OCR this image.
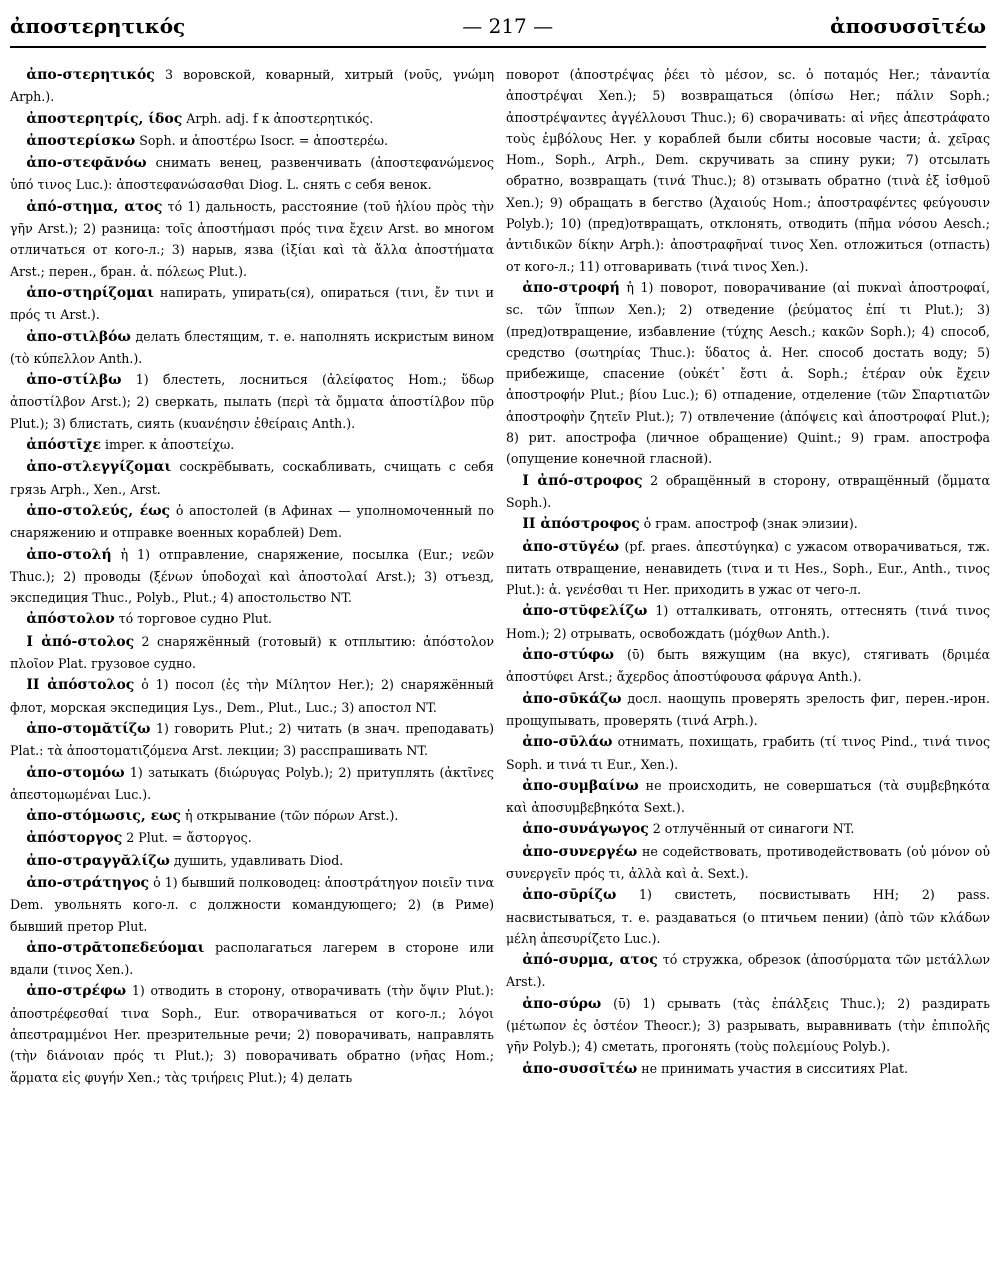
ἀποστερητικός	— 217 —	ἀποσυσσῑτέω

ἀπο-στερητικός 3 воровской, коварный, хитрый (νοῦς, γνώμη Arph.).

ἀποστερητρίς, ίδος Arph. adj. f к ἀποστερητικός.

ἀποστερίσκω Soph. и ἀποστέρω Isocr. = ἀποστερέω.

ἀπο-στεφᾰνόω снимать венец, развенчивать (ἀποστεφανώμενος ὑπό τινος Luc.): ἀποστεφανώσασθαι Diog. L. снять с себя венок.

ἀπό-στημα, ατος τό 1) дальность, расстояние (τοῦ ἡλίου πρὸς τὴν γῆν Arst.); 2) разница: τοῖς ἀποστήμασι πρός τινα ἔχειν Arst. во многом отличаться от кого-л.; 3) нарыв, язва (ἰξίαι καὶ τὰ ἄλλα ἀποστήματα Arst.; перен., бран. ἀ. πόλεως Plut.).

ἀπο-στηρίζομαι напирать, упирать(ся), опираться (τινι, ἔν τινι и πρός τι Arst.).

ἀπο-στιλβόω делать блестящим, т. е. наполнять искристым вином (τὸ κύπελλον Anth.).

ἀπο-στίλβω 1) блестеть, лосниться (ἀλείφατος Hom.; ὕδωρ ἀποστίλβον Arst.); 2) сверкать, пылать (περὶ τὰ ὄμματα ἀποστίλβον πῦρ Plut.); 3) блистать, сиять (κυανέησιν ἐθείραις Anth.).

ἀπόστῑχε imper. к ἀποστείχω.

ἀπο-στλεγγίζομαι соскрёбывать, соскабливать, счищать с себя грязь Arph., Xen., Arst.

ἀπο-στολεύς, έως ὁ апостолей (в Афинах — уполномоченный по снаряжению и отправке военных кораблей) Dem.

ἀπο-στολή ἡ 1) отправление, снаряжение, посылка (Eur.; νεῶν Thuc.); 2) проводы (ξένων ὑποδοχαὶ καὶ ἀποστολαί Arst.); 3) отъезд, экспедиция Thuc., Polyb., Plut.; 4) апостольство NT.

ἀπόστολον τό торговое судно Plut.

I ἀπό-στολος 2 снаряжённый (готовый) к отплытию: ἀπόστολον πλοῖον Plat. грузовое судно.

II ἀπόστολος ὁ 1) посол (ἐς τὴν Μίλητον Her.); 2) снаряжённый флот, морская экспедиция Lys., Dem., Plut., Luc.; 3) апостол NT.

ἀπο-στομᾰτίζω 1) говорить Plut.; 2) читать (в знач. преподавать) Plat.: τὰ ἀποστοματιζόμενα Arst. лекции; 3) расспрашивать NT.

ἀπο-στομόω 1) затыкать (διώρυγας Polyb.); 2) притуплять (ἀκτῖνες ἀπεστομωμέναι Luc.).

ἀπο-στόμωσις, εως ἡ открывание (τῶν πόρων Arst.).

ἀπόστοργος 2 Plut. = ἄστοργος.

ἀπο-στραγγᾰλίζω душить, удавливать Diod.

ἀπο-στράτηγος ὁ 1) бывший полководец: ἀποστράτηγον ποιεῖν τινα Dem. увольнять кого-л. с должности командующего; 2) (в Риме) бывший претор Plut.

ἀπο-στρᾰτοπεδεύομαι располагаться лагерем в стороне или вдали (τινος Xen.).

ἀπο-στρέφω 1) отводить в сторону, отворачивать (τὴν ὄψιν Plut.): ἀποστρέφεσθαί τινα Soph., Eur. отворачиваться от кого-л.; λόγοι ἀπεστραμμένοι Her. презрительные речи; 2) поворачивать, направлять (τὴν διάνοιαν πρός τι Plut.); 3) поворачивать обратно (νῆας Hom.; ἅρματα εἰς φυγήν Xen.; τὰς τριήρεις Plut.); 4) делать

поворот (ἀποστρέψας ῥέει τὸ μέσον, sc. ὁ ποταμός Her.; τἀναντία ἀποστρέψαι Xen.); 5) возвращаться (ὀπίσω Her.; πάλιν Soph.; ἀποστρέψαντες ἀγγέλλουσι Thuc.); 6) сворачивать: αἱ νῆες ἀπεστράφατο τοὺς ἐμβόλους Her. у кораблей были сбиты носовые части; ἀ. χεῖρας Hom., Soph., Arph., Dem. скручивать за спину руки; 7) отсылать обратно, возвращать (τινά Thuc.); 8) отзывать обратно (τινὰ ἐξ ἰσθμοῦ Xen.); 9) обращать в бегство (Ἀχαιούς Hom.; ἀποστραφέντες φεύγουσιν Polyb.); 10) (пред)отвращать, отклонять, отводить (πῆμα νόσου Aesch.; ἀντιδικῶν δίκην Arph.): ἀποστραφῆναί τινος Xen. отложиться (отпасть) от кого-л.; 11) отговаривать (τινά τινος Xen.).

ἀπο-στροφή ἡ 1) поворот, поворачивание (αἱ πυκναὶ ἀποστροφαί, sc. τῶν ἵππων Xen.); 2) отведение (ῥεύματος ἐπί τι Plut.); 3) (пред)отвращение, избавление (τύχης Aesch.; κακῶν Soph.); 4) способ, средство (σωτηρίας Thuc.): ὕδατος ἀ. Her. способ достать воду; 5) прибежище, спасение (οὐκέτ᾽ ἔστι ἀ. Soph.; ἑτέραν οὐκ ἔχειν ἀποστροφήν Plut.; βίου Luc.); 6) отпадение, отделение (τῶν Σπαρτιατῶν ἀποστροφὴν ζητεῖν Plut.); 7) отвлечение (ἀπόψεις καὶ ἀποστροφαί Plut.); 8) рит. апострофа (личное обращение) Quint.; 9) грам. апострофа (опущение конечной гласной).

I ἀπό-στροφος 2 обращённый в сторону, отвращённый (ὄμματα Soph.).

II ἀπόστροφος ὁ грам. апостроф (знак элизии).

ἀπο-στῠγέω (pf. praes. ἀπεστύγηκα) с ужасом отворачиваться, тж. питать отвращение, ненавидеть (τινα и τι Hes., Soph., Eur., Anth., τινος Plut.): ἀ. γενέσθαι τι Her. приходить в ужас от чего-л.

ἀπο-στῠφελίζω 1) отталкивать, отгонять, оттеснять (τινά τινος Hom.); 2) отрывать, освобождать (μόχθων Anth.).

ἀπο-στύφω (ῡ) быть вяжущим (на вкус), стягивать (δριμέα ἀποστύφει Arst.; ἄχερδος ἀποστύφουσα φάρυγα Anth.).

ἀπο-σῡκάζω досл. наощупь проверять зрелость фиг, перен.-ирон. прощупывать, проверять (τινά Arph.).

ἀπο-σῡλάω отнимать, похищать, грабить (τί τινος Pind., τινά τινος Soph. и τινά τι Eur., Xen.).

ἀπο-συμβαίνω не происходить, не совершаться (τὰ συμβεβηκότα καὶ ἀποσυμβεβηκότα Sext.).

ἀπο-συνάγωγος 2 отлучённый от синагоги NT.

ἀπο-συνεργέω не содействовать, противодействовать (οὐ μόνον οὐ συνεργεῖν πρός τι, ἀλλὰ καὶ ἀ. Sext.).

ἀπο-σῡρίζω 1) свистеть, посвистывать HH; 2) pass. насвистываться, т. е. раздаваться (о птичьем пении) (ἀπὸ τῶν κλάδων μέλη ἀπεσυρίζετο Luc.).

ἀπό-συρμα, ατος τό стружка, обрезок (ἀποσύρματα τῶν μετάλλων Arst.).

ἀπο-σύρω (ῡ) 1) срывать (τὰς ἐπάλξεις Thuc.); 2) раздирать (μέτωπον ἐς ὀστέον Theocr.); 3) разрывать, выравнивать (τὴν ἐπιπολῆς γῆν Polyb.); 4) сметать, прогонять (τοὺς πολεμίους Polyb.).

ἀπο-συσσῑτέω не принимать участия в сисситиях Plat.
